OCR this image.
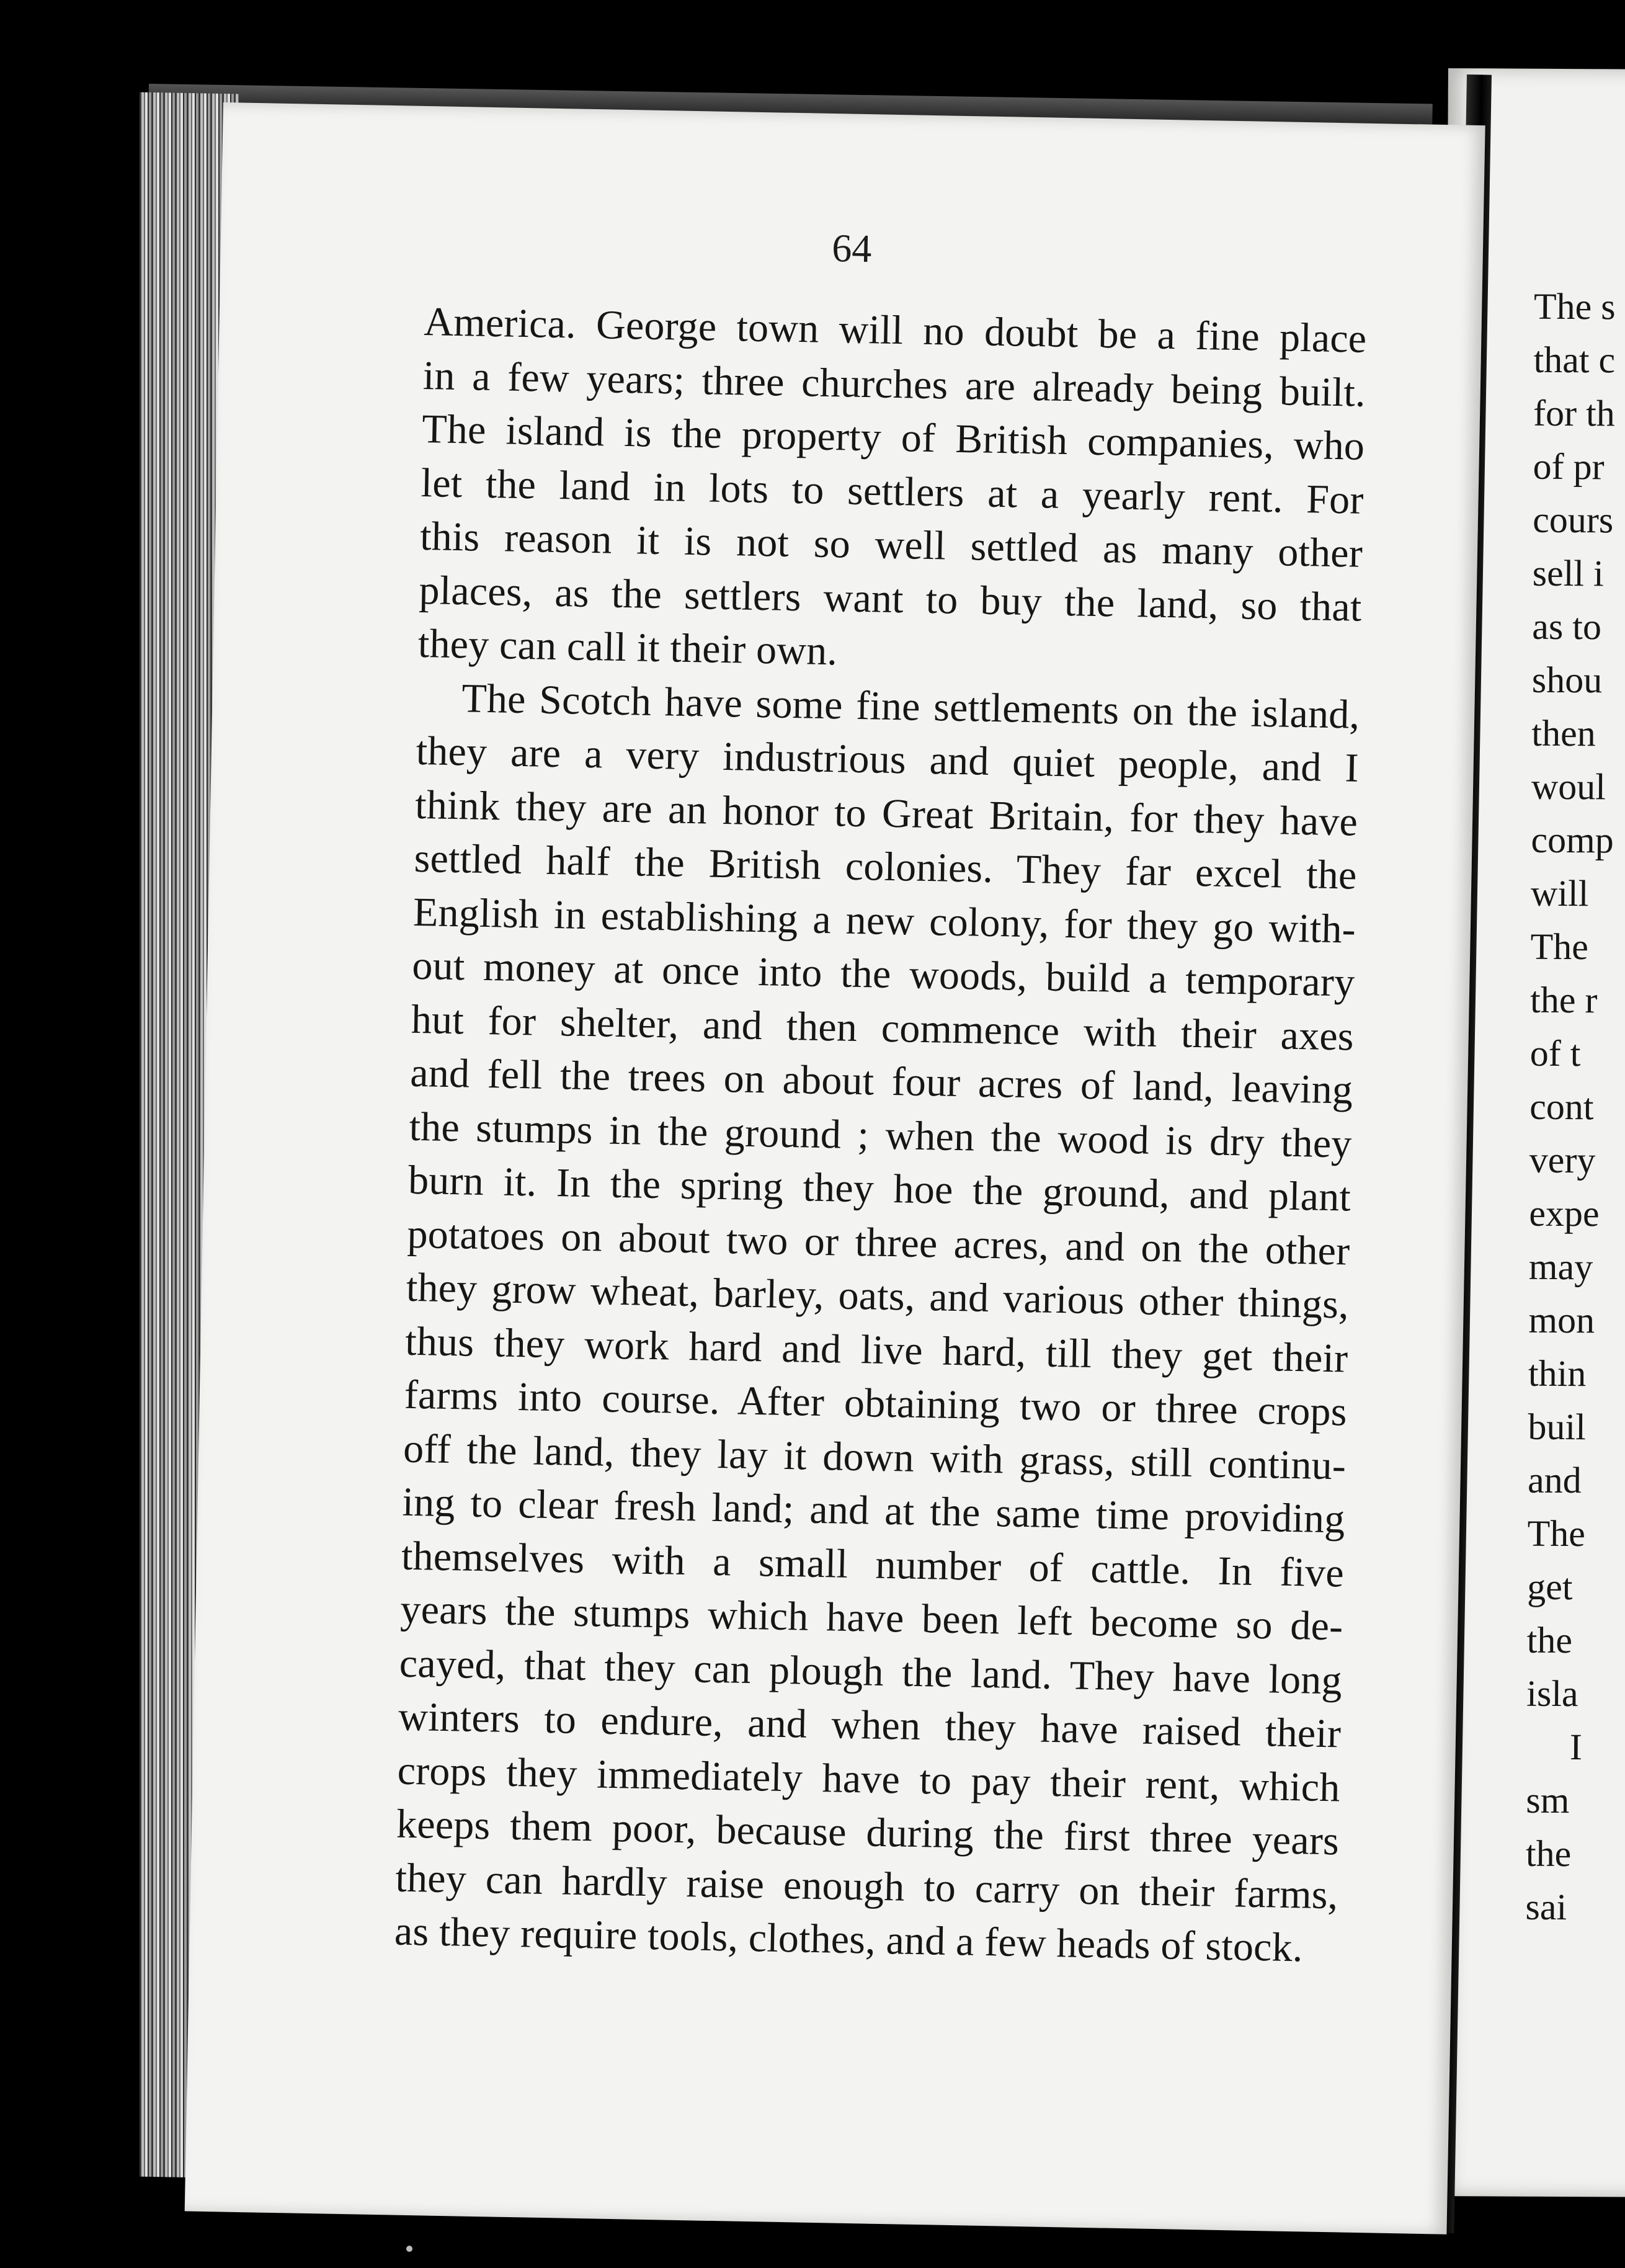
The s
that c
for th
of pr
cours
sell i
as to
shou
then
woul
comp
will
The
the r
of t
cont
very
expe
may
mon
thin
buil
and
The
get
the
isla
I
sm
the
sai
64
America. George town will no doubt be a fine place
in a few years; three churches are already being built.
The island is the property of British companies, who
let the land in lots to settlers at a yearly rent. For
this reason it is not so well settled as many other
places, as the settlers want to buy the land, so that
they can call it their own.
The Scotch have some fine settlements on the island,
they are a very industrious and quiet people, and I
think they are an honor to Great Britain, for they have
settled half the British colonies. They far excel the
English in establishing a new colony, for they go with-
out money at once into the woods, build a temporary
hut for shelter, and then commence with their axes
and fell the trees on about four acres of land, leaving
the stumps in the ground ; when the wood is dry they
burn it. In the spring they hoe the ground, and plant
potatoes on about two or three acres, and on the other
they grow wheat, barley, oats, and various other things,
thus they work hard and live hard, till they get their
farms into course. After obtaining two or three crops
off the land, they lay it down with grass, still continu-
ing to clear fresh land; and at the same time providing
themselves with a small number of cattle. In five
years the stumps which have been left become so de-
cayed, that they can plough the land. They have long
winters to endure, and when they have raised their
crops they immediately have to pay their rent, which
keeps them poor, because during the first three years
they can hardly raise enough to carry on their farms,
as they require tools, clothes, and a few heads of stock.
